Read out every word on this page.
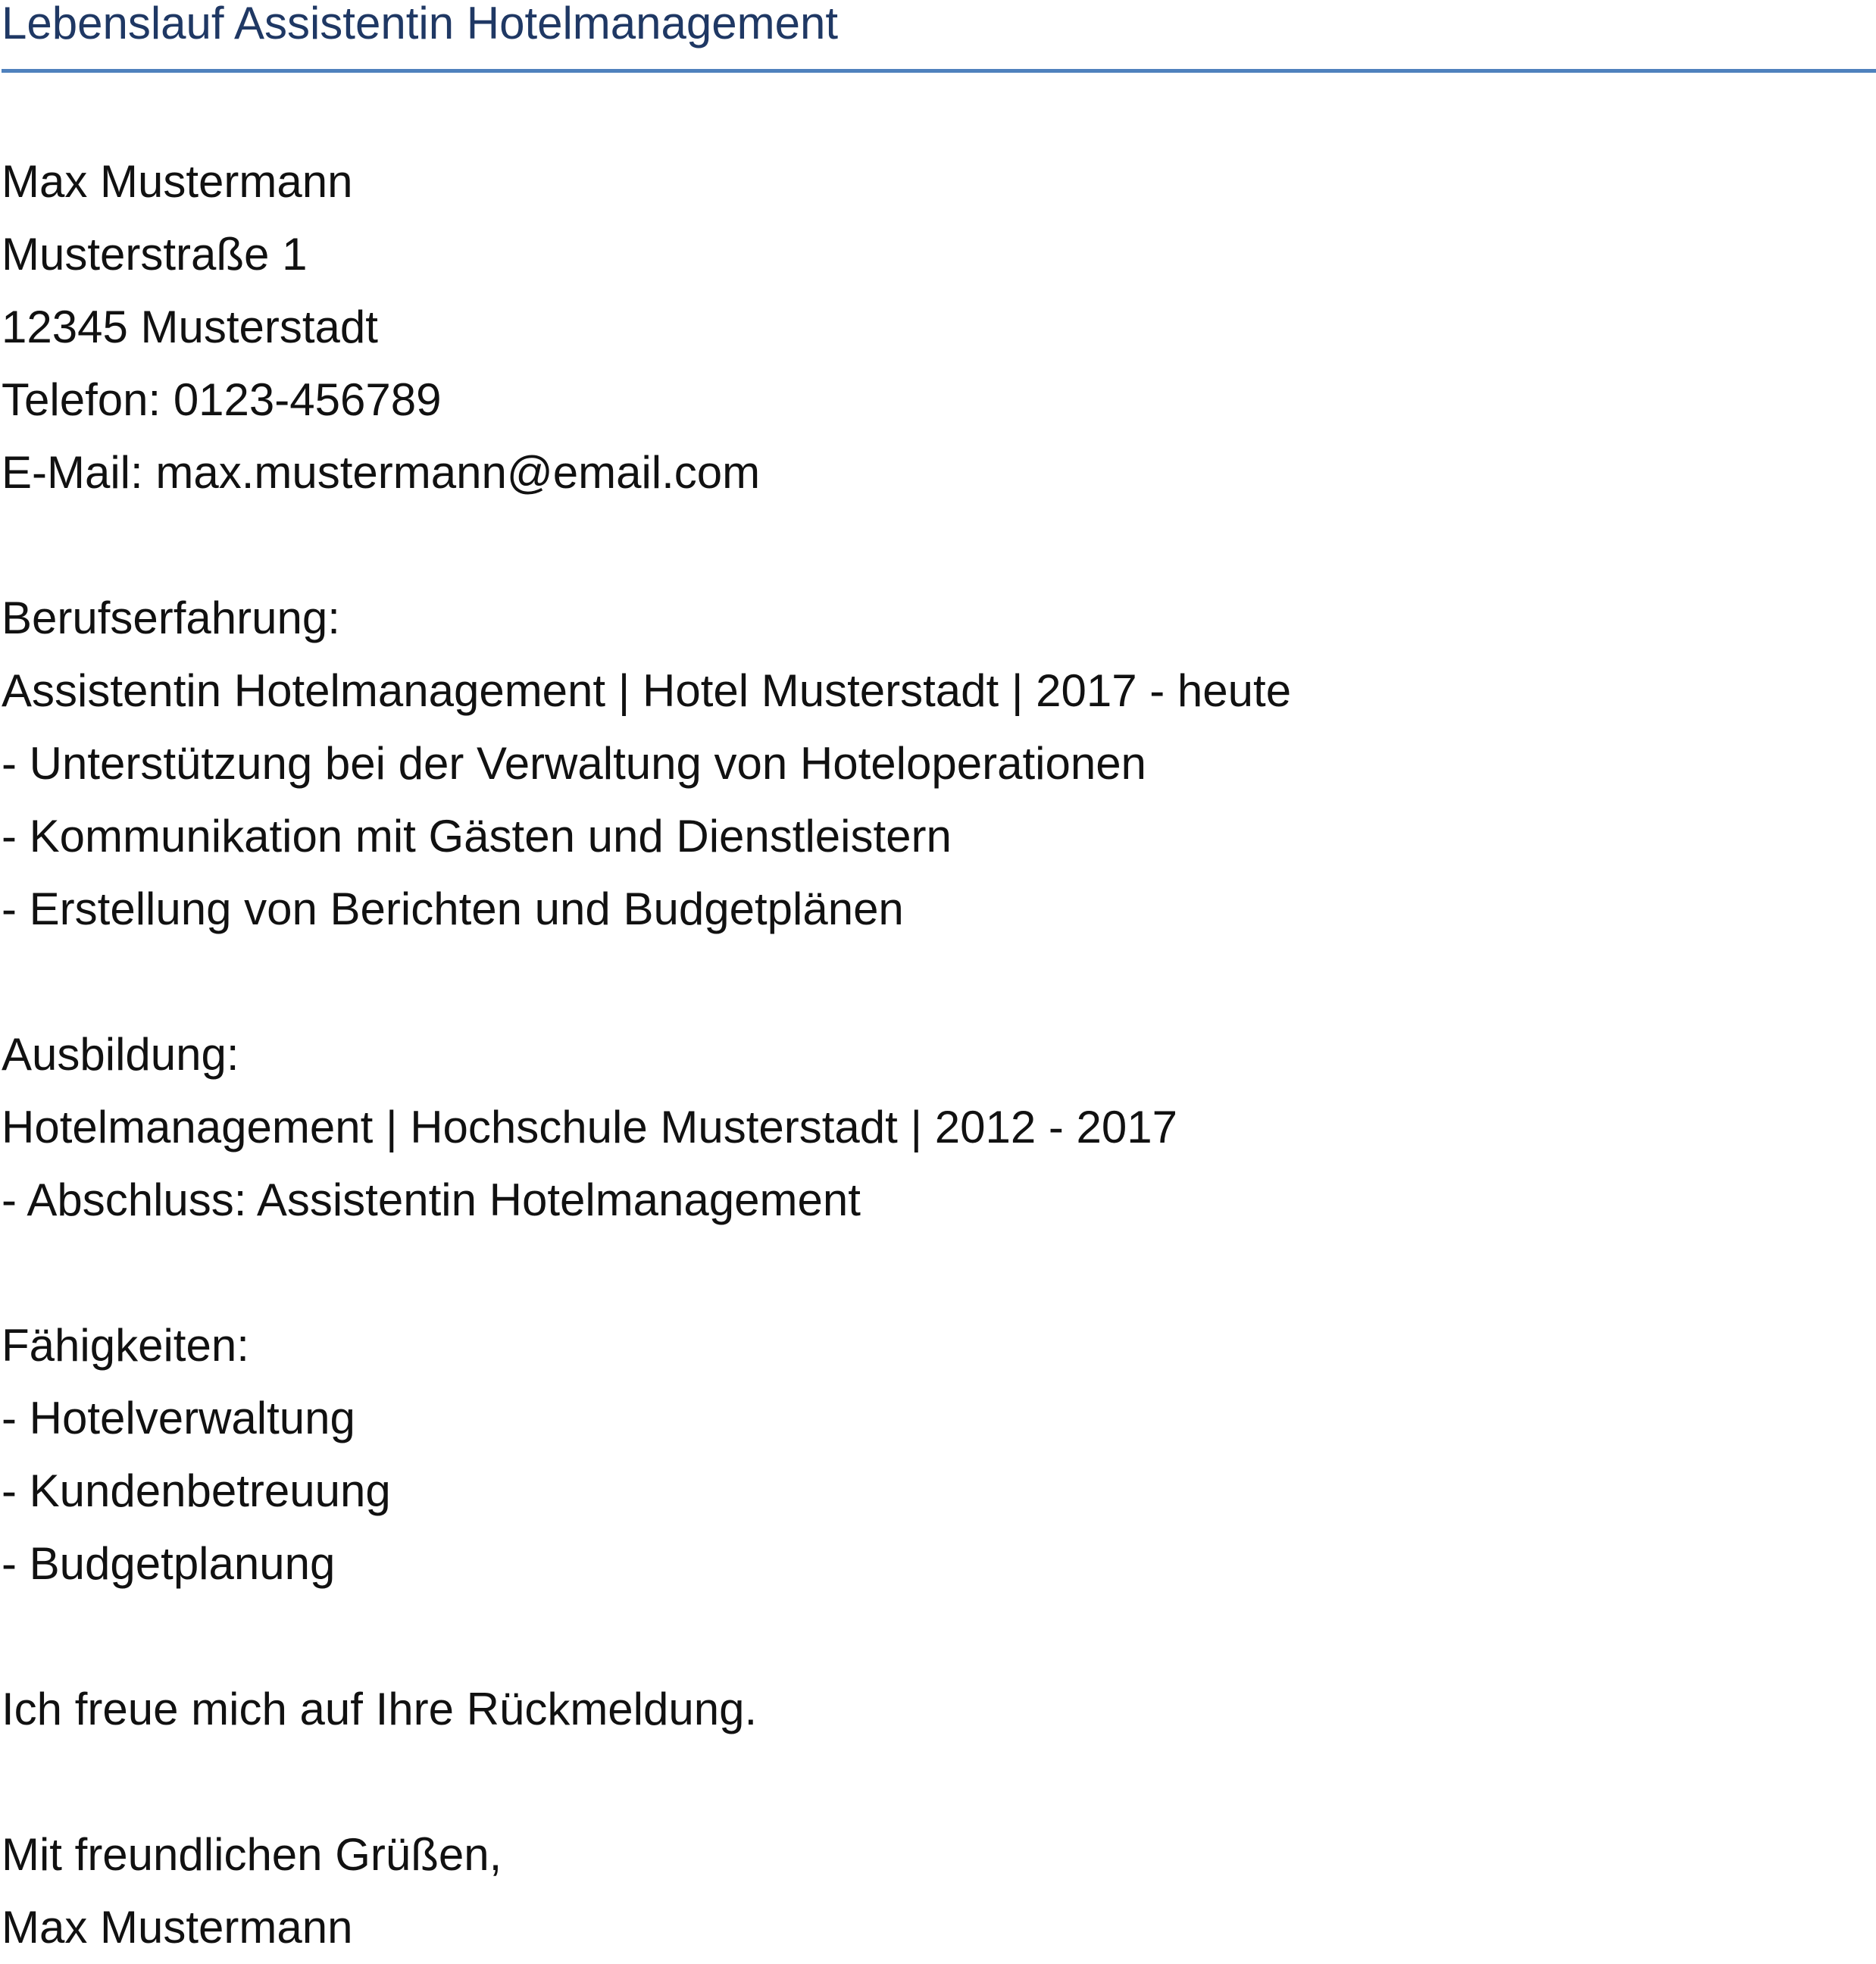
Lebenslauf Assistentin Hotelmanagement
Max Mustermann
Musterstraße 1
12345 Musterstadt
Telefon: 0123-456789
E-Mail: max.mustermann@email.com
Berufserfahrung:
Assistentin Hotelmanagement | Hotel Musterstadt | 2017 - heute
- Unterstützung bei der Verwaltung von Hoteloperationen
- Kommunikation mit Gästen und Dienstleistern
- Erstellung von Berichten und Budgetplänen
Ausbildung:
Hotelmanagement | Hochschule Musterstadt | 2012 - 2017
- Abschluss: Assistentin Hotelmanagement
Fähigkeiten:
- Hotelverwaltung
- Kundenbetreuung
- Budgetplanung
Ich freue mich auf Ihre Rückmeldung.
Mit freundlichen Grüßen,
Max Mustermann
